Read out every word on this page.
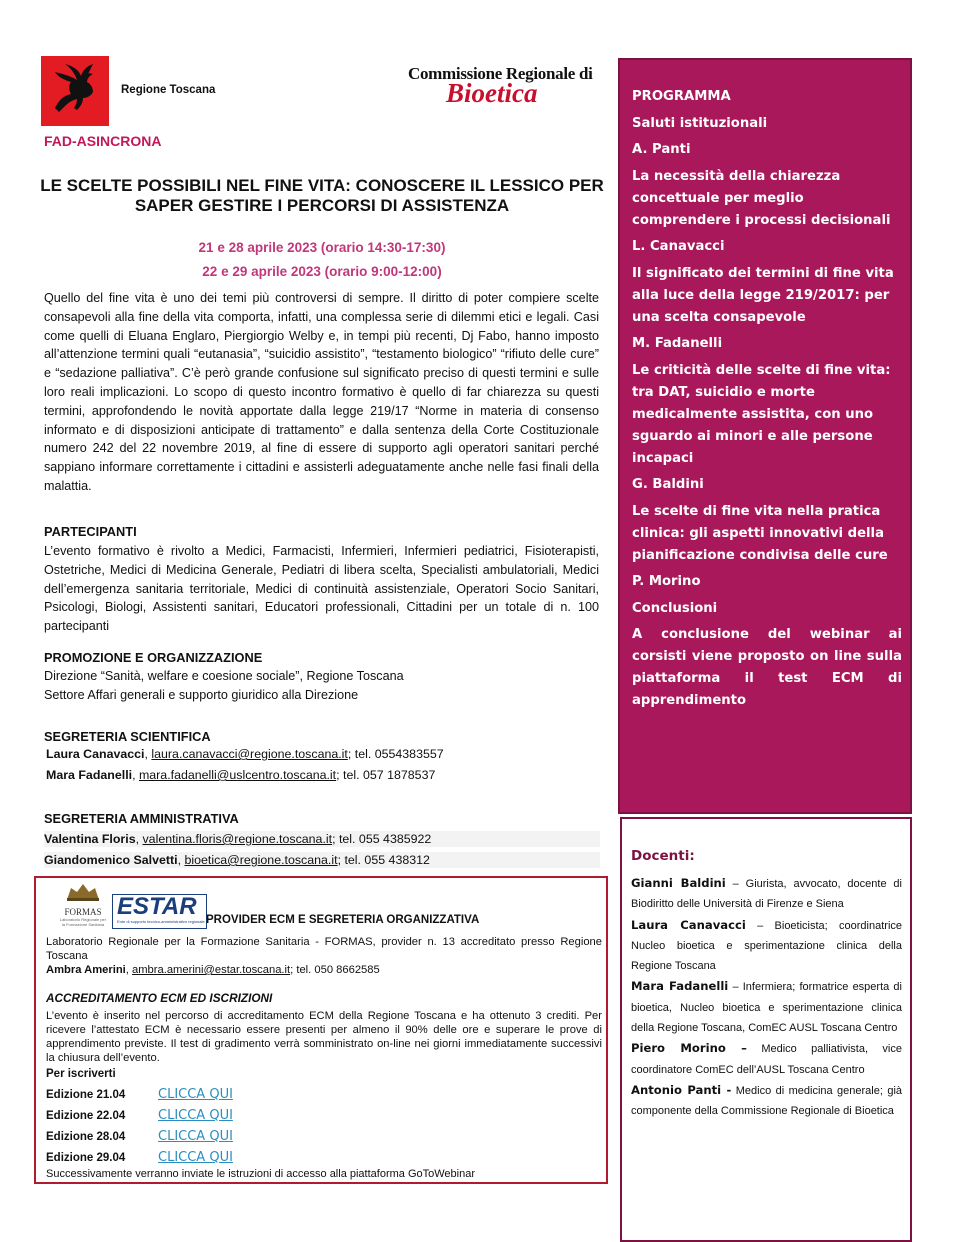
Regione Toscana
Commissione Regionale di
Bioetica
FAD-ASINCRONA
LE SCELTE POSSIBILI NEL FINE VITA: CONOSCERE IL LESSICO PER SAPER GESTIRE I PERCORSI DI ASSISTENZA
21 e 28 aprile 2023 (orario 14:30-17:30)
22 e 29 aprile 2023 (orario 9:00-12:00)
Quello del fine vita è uno dei temi più controversi di sempre. Il diritto di poter compiere scelte consapevoli alla fine della vita comporta, infatti, una complessa serie di dilemmi etici e legali. Casi come quelli di Eluana Englaro, Piergiorgio Welby e, in tempi più recenti, Dj Fabo, hanno imposto all’attenzione termini quali “eutanasia”, “suicidio assistito”, “testamento biologico” “rifiuto delle cure” e “sedazione palliativa”. C’è però grande confusione sul significato preciso di questi termini e sulle loro reali implicazioni. Lo scopo di questo incontro formativo è quello di far chiarezza su questi termini, approfondendo le novità apportate dalla legge 219/17 “Norme in materia di consenso informato e di disposizioni anticipate di trattamento” e dalla sentenza della Corte Costituzionale numero 242 del 22 novembre 2019, al fine di essere di supporto agli operatori sanitari perché sappiano informare correttamente i cittadini e assisterli adeguatamente anche nelle fasi finali della malattia.
PARTECIPANTI
L’evento formativo è rivolto a Medici, Farmacisti, Infermieri, Infermieri pediatrici, Fisioterapisti, Ostetriche, Medici di Medicina Generale, Pediatri di libera scelta, Specialisti ambulatoriali, Medici dell’emergenza sanitaria territoriale, Medici di continuità assistenziale, Operatori Socio Sanitari, Psicologi, Biologi, Assistenti sanitari, Educatori professionali, Cittadini per un totale di n. 100 partecipanti
PROMOZIONE E ORGANIZZAZIONE
Direzione “Sanità, welfare e coesione sociale”, Regione Toscana
Settore Affari generali e supporto giuridico alla Direzione
SEGRETERIA SCIENTIFICA
Laura Canavacci, laura.canavacci@regione.toscana.it; tel. 0554383557
Mara Fadanelli, mara.fadanelli@uslcentro.toscana.it; tel. 057 1878537
SEGRETERIA AMMINISTRATIVA
Valentina Floris, valentina.floris@regione.toscana.it; tel. 055 4385922
Giandomenico Salvetti, bioetica@regione.toscana.it; tel. 055 438312
FORMAS
Laboratorio Regionale per la Formazione Sanitaria
ESTAR
Ente di supporto tecnico-amministrativo regionale PROVIDER ECM E SEGRETERIA ORGANIZZATIVA
Laboratorio Regionale per la Formazione Sanitaria - FORMAS, provider n. 13 accreditato presso Regione Toscana
Ambra Amerini, ambra.amerini@estar.toscana.it; tel. 050 8662585
ACCREDITAMENTO ECM ED ISCRIZIONI
L’evento è inserito nel percorso di accreditamento ECM della Regione Toscana e ha ottenuto 3 crediti. Per ricevere l’attestato ECM è necessario essere presenti per almeno il 90% delle ore e superare le prove di apprendimento previste. Il test di gradimento verrà somministrato on-line nei giorni immediatamente successivi la chiusura dell’evento.
Per iscriverti
Edizione 21.04	CLICCA QUI
Edizione 22.04	CLICCA QUI
Edizione 28.04	CLICCA QUI
Edizione 29.04	CLICCA QUI
Successivamente verranno inviate le istruzioni di accesso alla piattaforma GoToWebinar
PROGRAMMA
Saluti istituzionali
A. Panti
La necessità della chiarezza concettuale per meglio comprendere i processi decisionali
L. Canavacci
Il significato dei termini di fine vita alla luce della legge 219/2017: per una scelta consapevole
M. Fadanelli
Le criticità delle scelte di fine vita: tra DAT, suicidio e morte medicalmente assistita, con uno sguardo ai minori e alle persone incapaci
G. Baldini
Le scelte di fine vita nella pratica clinica: gli aspetti innovativi della pianificazione condivisa delle cure
P. Morino
Conclusioni
A conclusione del webinar ai corsisti viene proposto on line sulla piattaforma il test ECM di apprendimento
Docenti:
Gianni Baldini – Giurista, avvocato, docente di Biodiritto delle Università di Firenze e Siena
Laura Canavacci – Bioeticista; coordinatrice Nucleo bioetica e sperimentazione clinica della Regione Toscana
Mara Fadanelli – Infermiera; formatrice esperta di bioetica, Nucleo bioetica e sperimentazione clinica della Regione Toscana, ComEC AUSL Toscana Centro
Piero Morino – Medico palliativista, vice coordinatore ComEC dell’AUSL Toscana Centro
Antonio Panti - Medico di medicina generale; già componente della Commissione Regionale di Bioetica
